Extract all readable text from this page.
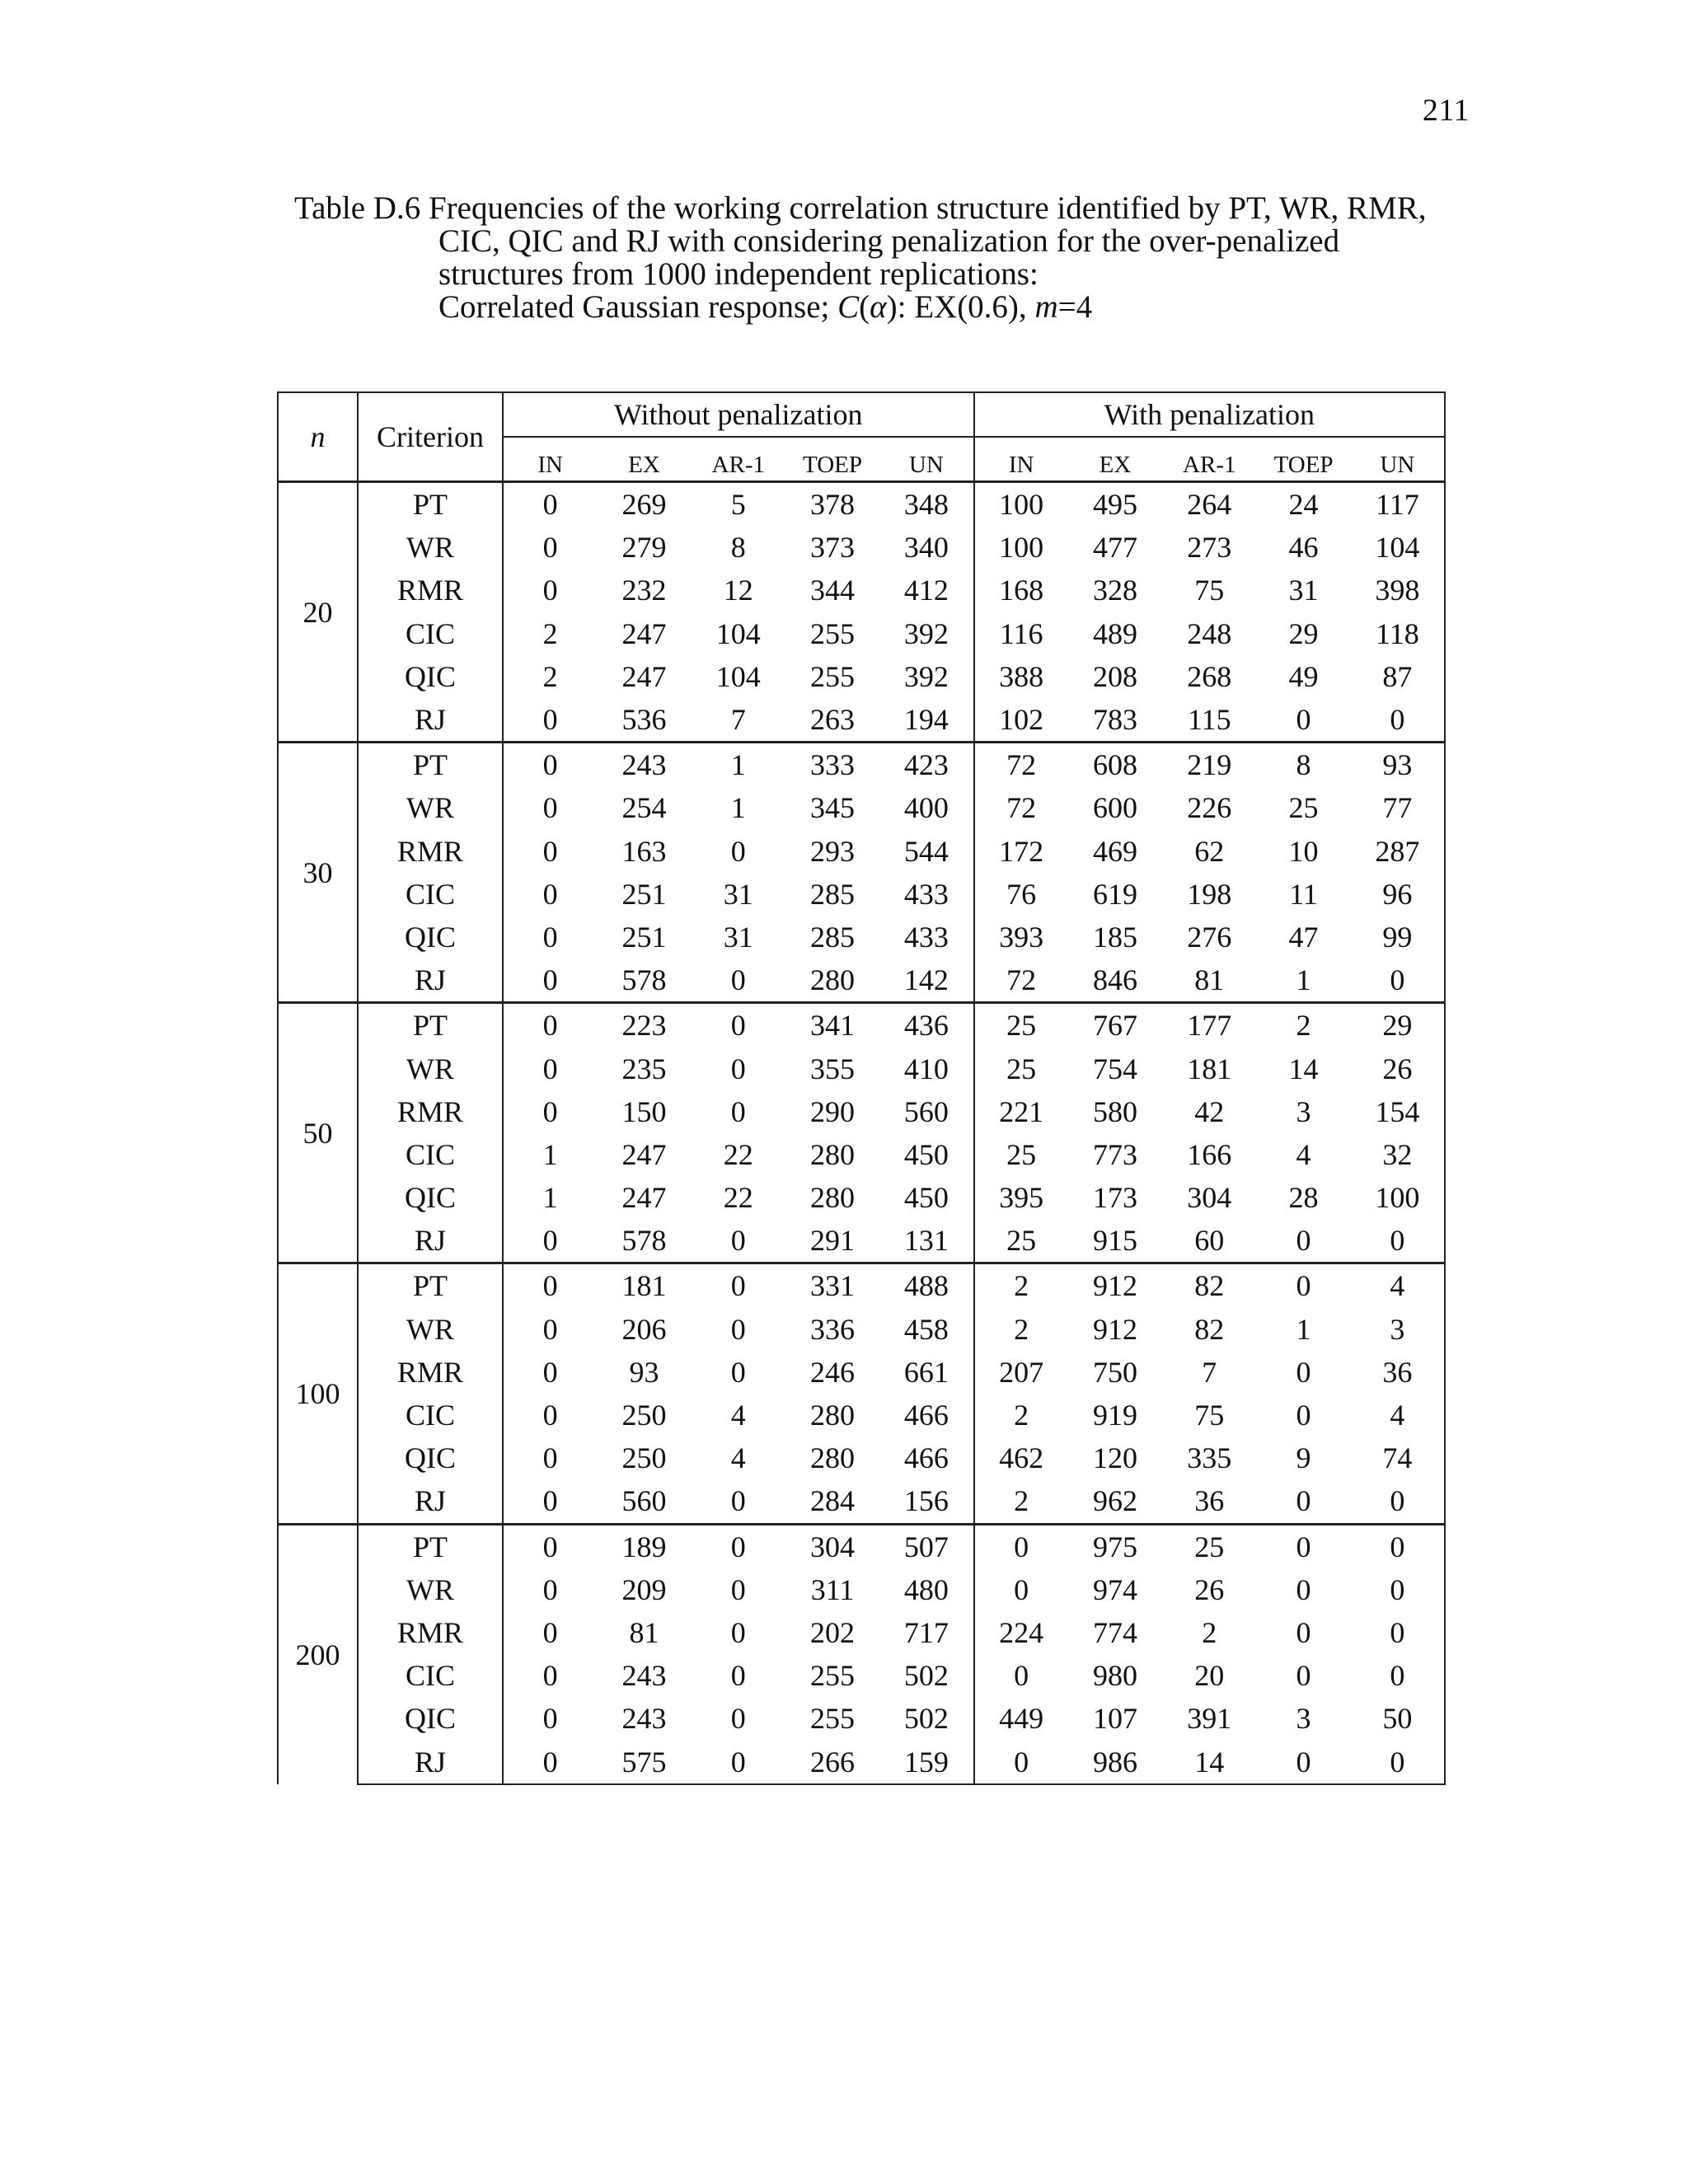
211
Table D.6 Frequencies of the working correlation structure identified by PT, WR, RMR,
CIC, QIC and RJ with considering penalization for the over-penalized
structures from 1000 independent replications:
Correlated Gaussian response; C(α): EX(0.6), m=4
n	Criterion	Without penalization					With penalization				
		IN	EX	AR-1	TOEP	UN	IN	EX	AR-1	TOEP	UN
20	PT	0	269	5	378	348	100	495	264	24	117
	WR	0	279	8	373	340	100	477	273	46	104
	RMR	0	232	12	344	412	168	328	75	31	398
	CIC	2	247	104	255	392	116	489	248	29	118
	QIC	2	247	104	255	392	388	208	268	49	87
	RJ	0	536	7	263	194	102	783	115	0	0
30	PT	0	243	1	333	423	72	608	219	8	93
	WR	0	254	1	345	400	72	600	226	25	77
	RMR	0	163	0	293	544	172	469	62	10	287
	CIC	0	251	31	285	433	76	619	198	11	96
	QIC	0	251	31	285	433	393	185	276	47	99
	RJ	0	578	0	280	142	72	846	81	1	0
50	PT	0	223	0	341	436	25	767	177	2	29
	WR	0	235	0	355	410	25	754	181	14	26
	RMR	0	150	0	290	560	221	580	42	3	154
	CIC	1	247	22	280	450	25	773	166	4	32
	QIC	1	247	22	280	450	395	173	304	28	100
	RJ	0	578	0	291	131	25	915	60	0	0
100	PT	0	181	0	331	488	2	912	82	0	4
	WR	0	206	0	336	458	2	912	82	1	3
	RMR	0	93	0	246	661	207	750	7	0	36
	CIC	0	250	4	280	466	2	919	75	0	4
	QIC	0	250	4	280	466	462	120	335	9	74
	RJ	0	560	0	284	156	2	962	36	0	0
200	PT	0	189	0	304	507	0	975	25	0	0
	WR	0	209	0	311	480	0	974	26	0	0
	RMR	0	81	0	202	717	224	774	2	0	0
	CIC	0	243	0	255	502	0	980	20	0	0
	QIC	0	243	0	255	502	449	107	391	3	50
	RJ	0	575	0	266	159	0	986	14	0	0
